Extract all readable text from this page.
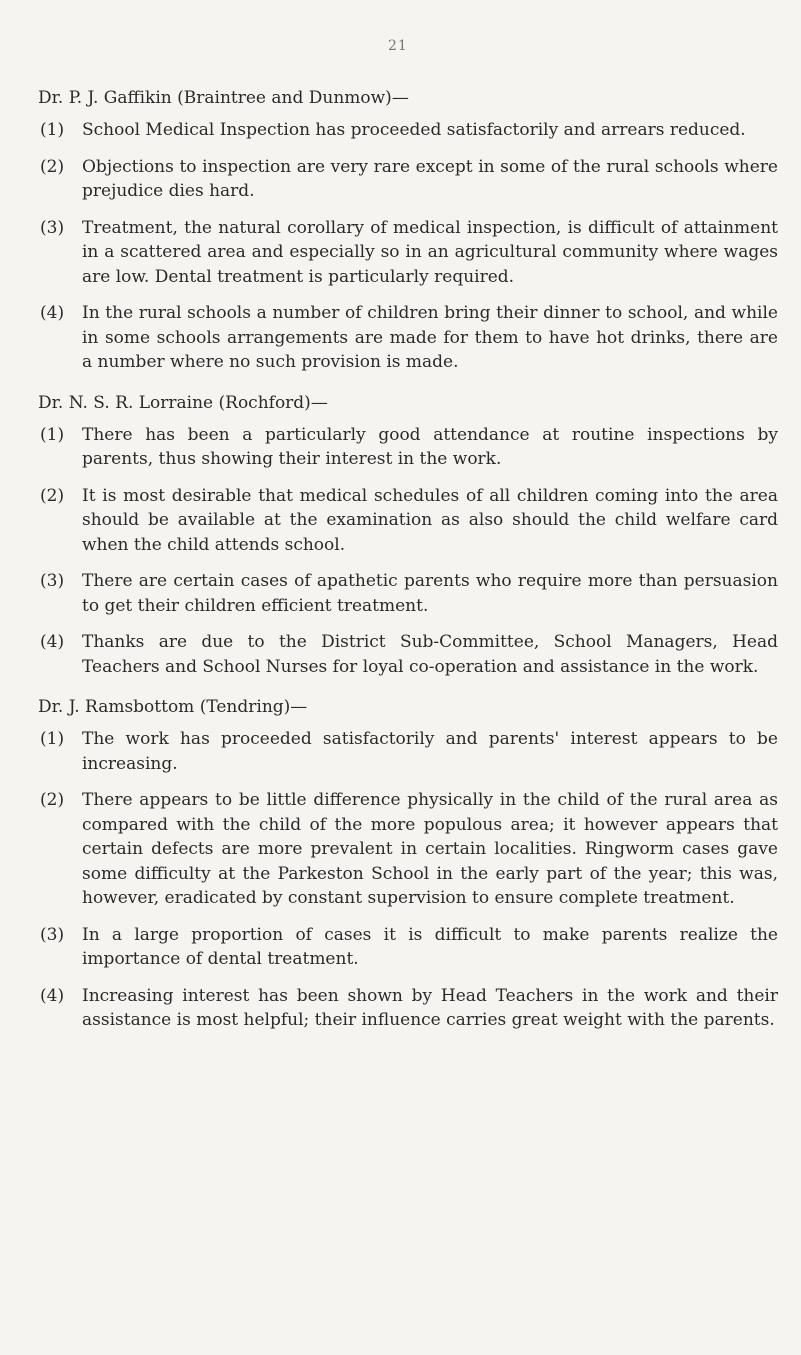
21
Dr. P. J. Gaffikin (Braintree and Dunmow)—
(1)	School Medical Inspection has proceeded satisfactorily and arrears reduced.
(2)	Objections to inspection are very rare except in some of the rural schools where prejudice dies hard.
(3)	Treatment, the natural corollary of medical inspection, is difficult of attainment in a scattered area and especially so in an agricultural community where wages are low. Dental treatment is particularly required.
(4)	In the rural schools a number of children bring their dinner to school, and while in some schools arrangements are made for them to have hot drinks, there are a number where no such provision is made.
Dr. N. S. R. Lorraine (Rochford)—
(1)	There has been a particularly good attendance at routine inspections by parents, thus showing their interest in the work.
(2)	It is most desirable that medical schedules of all children coming into the area should be available at the examination as also should the child welfare card when the child attends school.
(3)	There are certain cases of apathetic parents who require more than persuasion to get their children efficient treatment.
(4)	Thanks are due to the District Sub-Committee, School Managers, Head Teachers and School Nurses for loyal co-operation and assistance in the work.
Dr. J. Ramsbottom (Tendring)—
(1)	The work has proceeded satisfactorily and parents' interest appears to be increasing.
(2)	There appears to be little difference physically in the child of the rural area as compared with the child of the more populous area; it however appears that certain defects are more prevalent in certain localities. Ringworm cases gave some difficulty at the Parkeston School in the early part of the year; this was, however, eradicated by constant supervision to ensure complete treatment.
(3)	In a large proportion of cases it is difficult to make parents realize the importance of dental treatment.
(4)	Increasing interest has been shown by Head Teachers in the work and their assistance is most helpful; their influence carries great weight with the parents.
